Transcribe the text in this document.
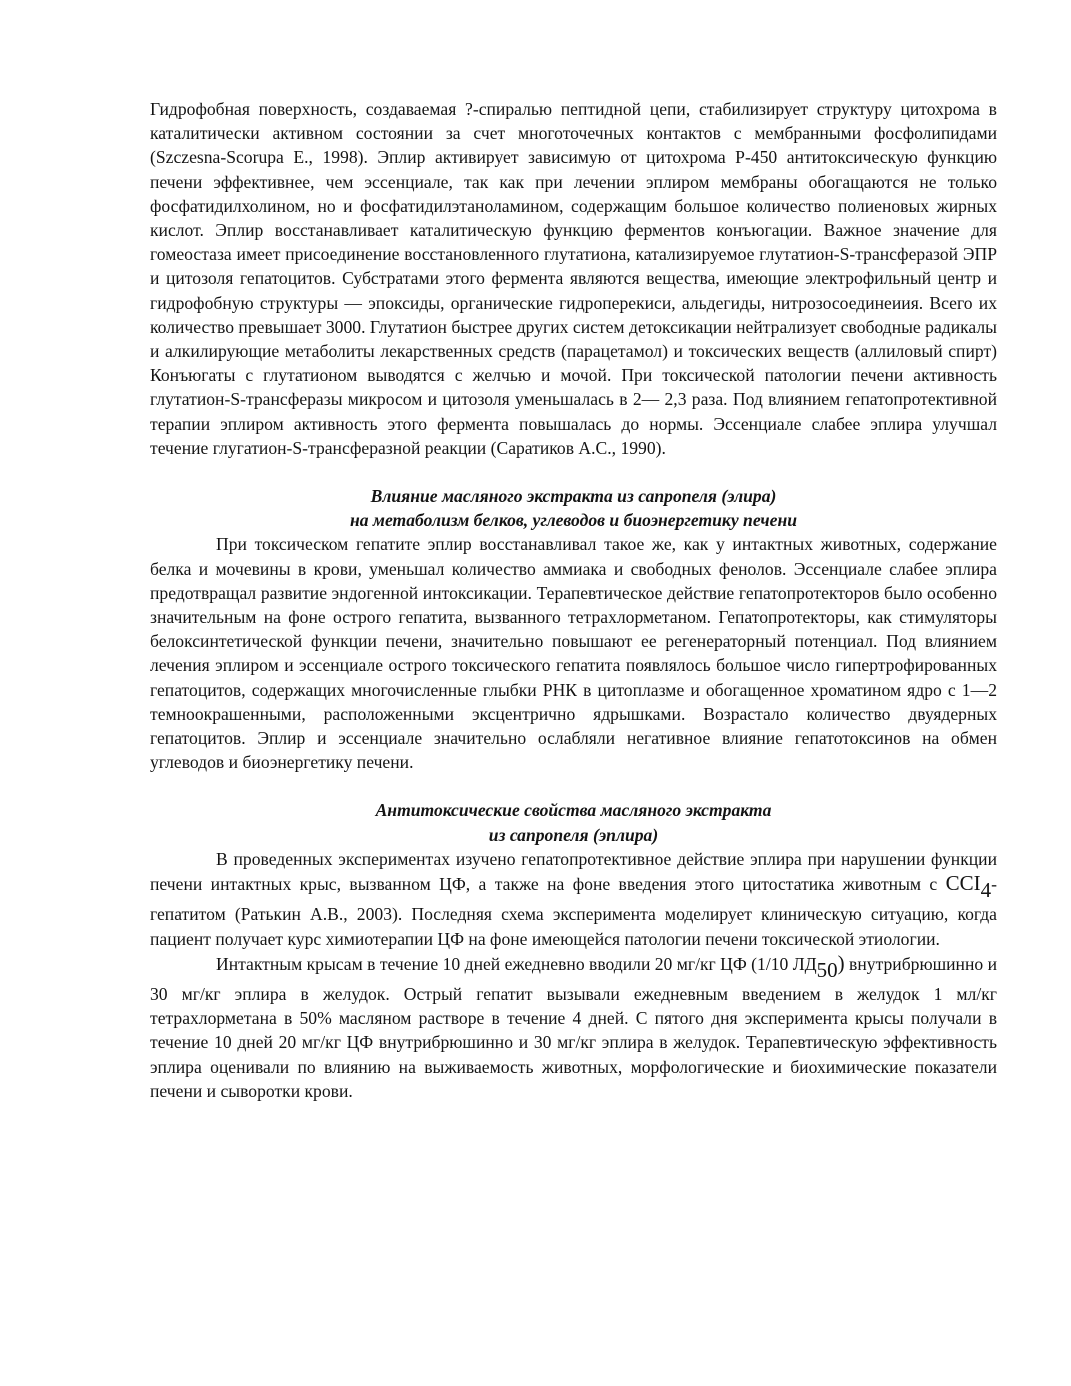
Гидрофобная поверхность, создаваемая ?-спиралью пептидной цепи, стабилизирует структуру цитохрома в каталитически активном состоянии за счет многоточечных контактов с мембранными фосфолипидами (Szczesna-Scorupa E., 1998). Эплир активирует зависимую от цитохрома Р-450 антитоксическую функцию печени эффективнее, чем эссенциале, так как при лечении эплиром мембраны обогащаются не только фосфатидилхолином, но и фосфатидилэтаноламином, содержащим большое количество полиеновых жирных кислот. Эплир восстанавливает каталитическую функцию ферментов конъюгации. Важное значение для гомеостаза имеет присоединение восстановленного глутатиона, катализируемое глутатион-S-трансферазой ЭПР и цитозоля гепатоцитов. Субстратами этого фермента являются вещества, имеющие электрофильный центр и гидрофобную структуры — эпоксиды, органические гидроперекиси, альдегиды, нитрозосоединеиия. Всего их количество превышает 3000. Глутатион быстрее других систем детоксикации нейтрализует свободные радикалы и алкилирующие метаболиты лекарственных средств (парацетамол) и токсических веществ (аллиловый спирт) Конъюгаты с глутатионом выводятся с желчью и мочой. При токсической патологии печени активность глутатион-S-трансферазы микросом и цитозоля уменьшалась в 2— 2,3 раза. Под влиянием гепатопротективной терапии эплиром активность этого фермента повышалась до нормы. Эссенциале слабее эплира улучшал течение глугатион-S-трансферазной реакции (Саратиков А.С., 1990).

Влияние масляного экстракта из сапропеля (элира)
на метаболизм белков, углеводов и биоэнергетику печени

При токсическом гепатите эплир восстанавливал такое же, как у интактных животных, содержание белка и мочевины в крови, уменьшал количество аммиака и свободных фенолов. Эссенциале слабее эплира предотвращал развитие эндогенной интоксикации. Терапевтическое действие гепатопротекторов было особенно значительным на фоне острого гепатита, вызванного тетрахлорметаном. Гепатопротекторы, как стимуляторы белоксинтетической функции печени, значительно повышают ее регенераторный потенциал. Под влиянием лечения эплиром и эссенциале острого токсического гепатита появлялось большое число гипертрофированных гепатоцитов, содержащих многочисленные глыбки РНК в цитоплазме и обогащенное хроматином ядро с 1—2 темноокрашенными, расположенными эксцентрично ядрышками. Возрастало количество двуядерных гепатоцитов. Эплир и эссенциале значительно ослабляли негативное влияние гепатотоксинов на обмен углеводов и биоэнергетику печени.

Антитоксические свойства масляного экстракта
из сапропеля (эплира)

В проведенных экспериментах изучено гепатопротективное действие эплира при нарушении функции печени интактных крыс, вызванном ЦФ, а также на фоне введения этого цитостатика животным с CCI4-гепатитом (Ратькин А.В., 2003). Последняя схема эксперимента моделирует клиническую ситуацию, когда пациент получает курс химиотерапии ЦФ на фоне имеющейся патологии печени токсической этиологии.

Интактным крысам в течение 10 дней ежедневно вводили 20 мг/кг ЦФ (1/10 ЛД50) внутрибрюшинно и 30 мг/кг эплира в желудок. Острый гепатит вызывали ежедневным введением в желудок 1 мл/кг тетрахлорметана в 50% масляном растворе в течение 4 дней. С пятого дня эксперимента крысы получали в течение 10 дней 20 мг/кг ЦФ внутрибрюшинно и 30 мг/кг эплира в желудок. Терапевтическую эффективность эплира оценивали по влиянию на выживаемость животных, морфологические и биохимические показатели печени и сыворотки крови.
